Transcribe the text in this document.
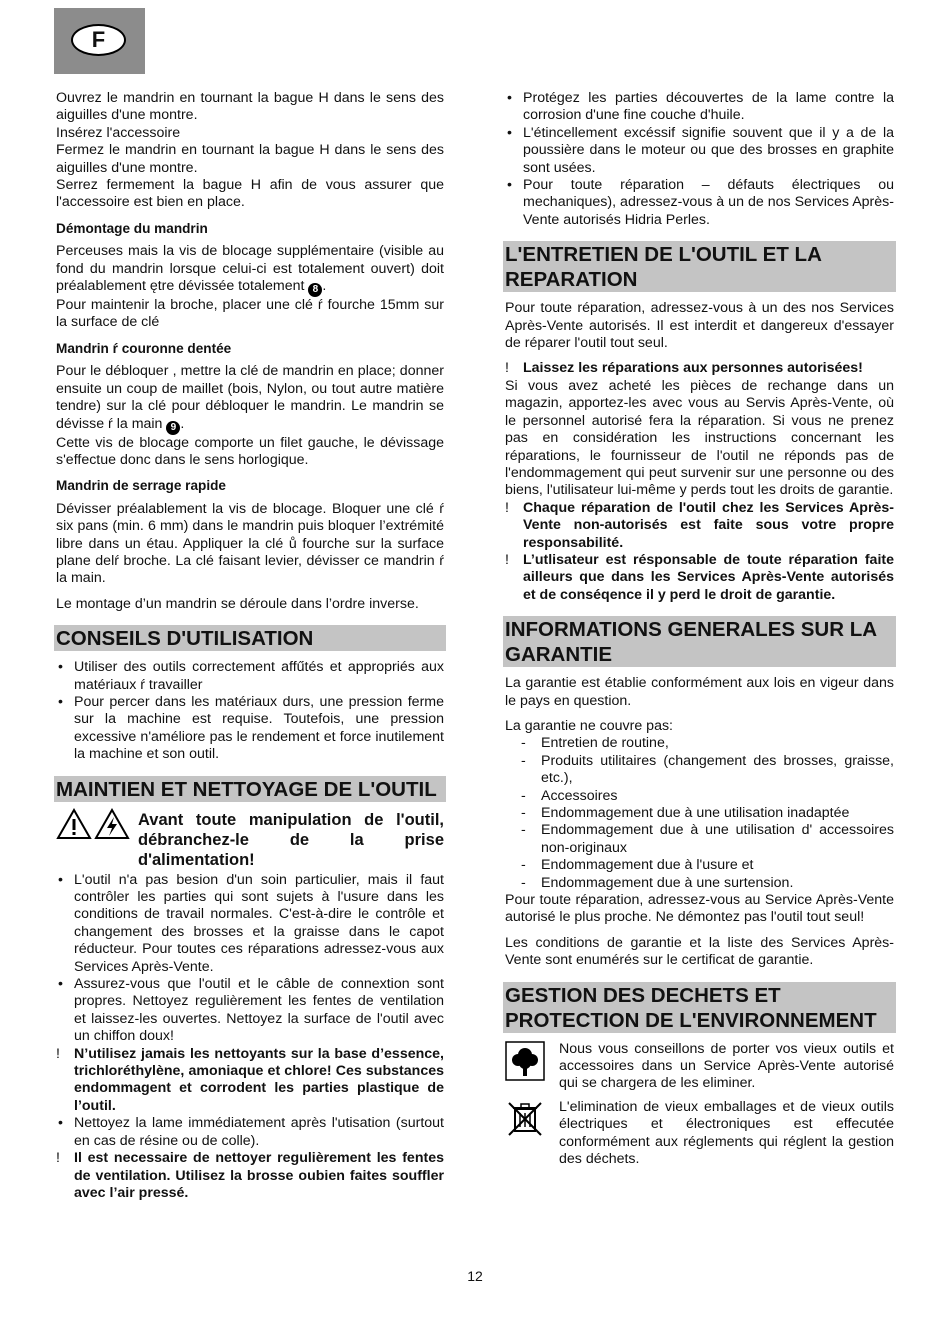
F

Ouvrez le mandrin en tournant la bague H dans le sens des aiguilles d'une montre.

Insérez l'accessoire

Fermez le mandrin en tournant la bague H dans le sens des aiguilles d'une montre.

Serrez fermement la bague H afin de vous assurer que l'accessoire est bien en place.

Démontage du mandrin

Perceuses mais la vis de blocage supplémentaire (visible au fond du mandrin lorsque celui-ci est totalement ouvert) doit préalablement ętre dévissée totalement 8 .

Pour maintenir la broche, placer une clé ŕ fourche 15mm sur la surface de clé

Mandrin ŕ couronne dentée

Pour le débloquer , mettre la clé de mandrin en place; donner ensuite un coup de maillet (bois, Nylon, ou tout autre matière tendre) sur la clé pour débloquer le mandrin. Le mandrin se dévisse ŕ la main 9 .

Cette vis de blocage comporte un filet gauche, le dévissage s'effectue donc dans le sens horlogique.

Mandrin de serrage rapide

Dévisser préalablement la vis de blocage. Bloquer une clé ŕ six pans (min. 6 mm) dans le mandrin puis bloquer l’extrémité libre dans un étau. Appliquer la clé ů fourche sur la surface plane delŕ broche. La clé faisant levier, dévisser ce mandrin ŕ la main.

Le montage d’un mandrin se déroule dans l’ordre inverse.

CONSEILS D'UTILISATION
• Utiliser des outils correctement affűtés et appropriés aux matériaux ŕ travailler
• Pour percer dans les matériaux durs, une pression ferme sur la machine est requise. Toutefois, une pression excessive n'améliore pas le rendement et force inutilement la machine et son outil.
MAINTIEN ET NETTOYAGE DE L'OUTIL
Avant toute manipulation de l'outil, débranchez-le de la prise d'alimentation!
• L'outil n'a pas besion d'un soin particulier, mais il faut contrôler les parties qui sont sujets à l'usure dans les conditions de travail normales. C'est-à-dire le contrôle et changement des brosses et la graisse dans le capot réducteur. Pour toutes ces réparations adressez-vous aux Services Après-Vente.
• Assurez-vous que l'outil et le câble de connextion sont propres. Nettoyez regulièrement les fentes de ventilation et laissez-les ouvertes. Nettoyez la surface de l'outil avec un chiffon doux!
! N’utilisez jamais les nettoyants sur la base d’essence, trichloréthylène, amoniaque et chlore! Ces substances endommagent et corrodent les parties plastique de l’outil.
• Nettoyez la lame immédiatement après l'utisation (surtout en cas de résine ou de colle).
! Il est necessaire de nettoyer regulièrement les fentes de ventilation. Utilisez la brosse oubien faites souffler avec l’air pressé.
• Protégez les parties découvertes de la lame contre la corrosion d'une fine couche d'huile.
• L'étincellement excéssif signifie souvent que il y a de la poussière dans le moteur ou que des brosses en graphite sont usées.
• Pour toute réparation – défauts électriques ou mechaniques), adressez-vous à un de nos Services Après-Vente autorisés Hidria Perles.
L'ENTRETIEN DE L'OUTIL ET LA REPARATION

Pour toute réparation, adressez-vous à un des nos Services Après-Vente autorisés. Il est interdit et dangereux d'essayer de réparer l'outil tout seul.

! Laissez les réparations aux personnes autorisées!

Si vous avez acheté les pièces de rechange dans un magazin, apportez-les avec vous au Servis Après-Vente, où le personnel autorisé fera la réparation. Si vous ne prenez pas en considération les instructions concernant les réparations, le fournisseur de l'outil ne réponds pas de l'endommagement qui peut survenir sur une personne ou des biens, l'utilisateur lui-même y perds tout les droits de garantie.

! Chaque réparation de l'outil chez les Services Après-Vente non-autorisés est faite sous votre propre responsabilité.
! L’utlisateur est résponsable de toute réparation faite ailleurs que dans les Services Après-Vente autorisés et de conséqence il y perd le droit de garantie.
INFORMATIONS GENERALES SUR LA GARANTIE

La garantie est établie conformément aux lois en vigeur dans le pays en question.

La garantie ne couvre pas:

- Entretien de routine,
- Produits utilitaires (changement des brosses, graisse, etc.),
- Accessoires
- Endommagement due à une utilisation inadaptée
- Endommagement due à une utilisation d' accessoires non-originaux
- Endommagement due à l'usure et
- Endommagement due à une surtension.

Pour toute réparation, adressez-vous au Service Après-Vente autorisé le plus proche. Ne démontez pas l'outil tout seul!

Les conditions de garantie et la liste des Services Après-Vente sont enumérés sur le certificat de garantie.

GESTION DES DECHETS ET PROTECTION DE L'ENVIRONNEMENT

Nous vous conseillons de porter vos vieux outils et accessoires dans un Service Après-Vente autorisé qui se chargera de les eliminer.

L'elimination de vieux emballages et de vieux outils électriques et électroniques est effecutée conformément aux réglements qui réglent la gestion des déchets.

12
